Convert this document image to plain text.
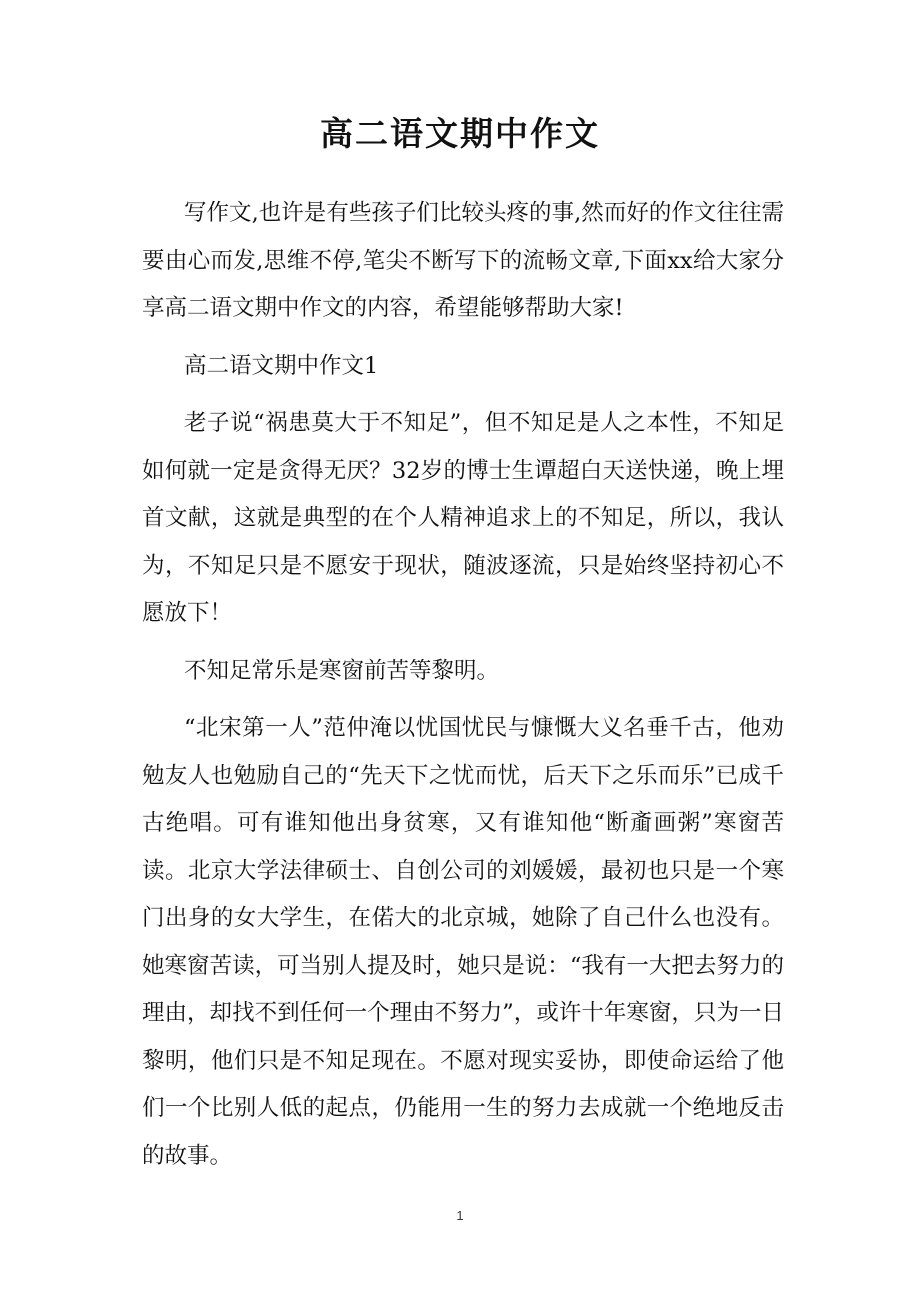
高二语文期中作文

写作文,也许是有些孩子们比较头疼的事,然而好的作文往往需要由心而发,思维不停,笔尖不断写下的流畅文章,下面xx给大家分享高二语文期中作文的内容，希望能够帮助大家!

高二语文期中作文1

老子说“祸患莫大于不知足”，但不知足是人之本性，不知足如何就一定是贪得无厌？32岁的博士生谭超白天送快递，晚上埋首文献，这就是典型的在个人精神追求上的不知足，所以，我认为，不知足只是不愿安于现状，随波逐流，只是始终坚持初心不愿放下！

不知足常乐是寒窗前苦等黎明。

“北宋第一人”范仲淹以忧国忧民与慷慨大义名垂千古，他劝勉友人也勉励自己的“先天下之忧而忧，后天下之乐而乐”已成千古绝唱。可有谁知他出身贫寒，又有谁知他“断齑画粥”寒窗苦读。北京大学法律硕士、自创公司的刘媛媛，最初也只是一个寒门出身的女大学生，在偌大的北京城，她除了自己什么也没有。她寒窗苦读，可当别人提及时，她只是说：“我有一大把去努力的理由，却找不到任何一个理由不努力”，或许十年寒窗，只为一日黎明，他们只是不知足现在。不愿对现实妥协，即使命运给了他们一个比别人低的起点，仍能用一生的努力去成就一个绝地反击的故事。

1
